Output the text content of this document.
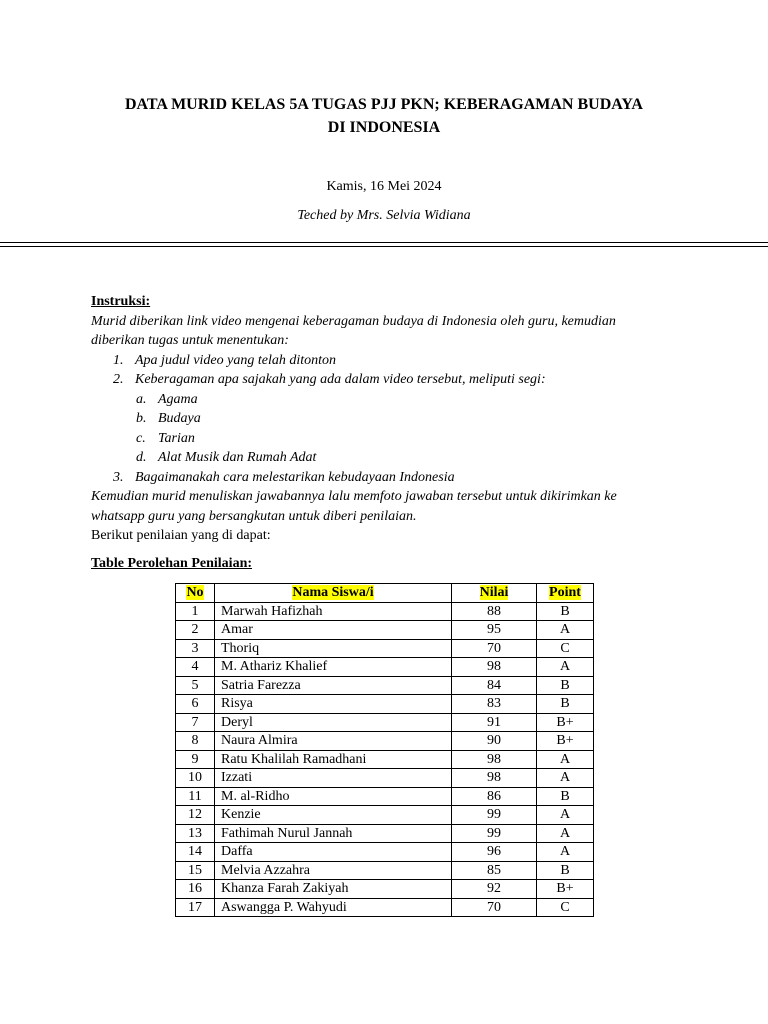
DATA MURID KELAS 5A TUGAS PJJ PKN; KEBERAGAMAN BUDAYA
DI INDONESIA
Kamis, 16 Mei 2024
Teched by Mrs. Selvia Widiana
Instruksi:
Murid diberikan link video mengenai keberagaman budaya di Indonesia oleh guru, kemudian
diberikan tugas untuk menentukan:
1. Apa judul video yang telah ditonton
2. Keberagaman apa sajakah yang ada dalam video tersebut, meliputi segi:
a. Agama
b. Budaya
c. Tarian
d. Alat Musik dan Rumah Adat
3. Bagaimanakah cara melestarikan kebudayaan Indonesia
Kemudian murid menuliskan jawabannya lalu memfoto jawaban tersebut untuk dikirimkan ke
whatsapp guru yang bersangkutan untuk diberi penilaian.
Berikut penilaian yang di dapat:
Table Perolehan Penilaian:
No	Nama Siswa/i	Nilai	Point
1	Marwah Hafizhah	88	B
2	Amar	95	A
3	Thoriq	70	C
4	M. Athariz Khalief	98	A
5	Satria Farezza	84	B
6	Risya	83	B
7	Deryl	91	B+
8	Naura Almira	90	B+
9	Ratu Khalilah Ramadhani	98	A
10	Izzati	98	A
11	M. al-Ridho	86	B
12	Kenzie	99	A
13	Fathimah Nurul Jannah	99	A
14	Daffa	96	A
15	Melvia Azzahra	85	B
16	Khanza Farah Zakiyah	92	B+
17	Aswangga P. Wahyudi	70	C
